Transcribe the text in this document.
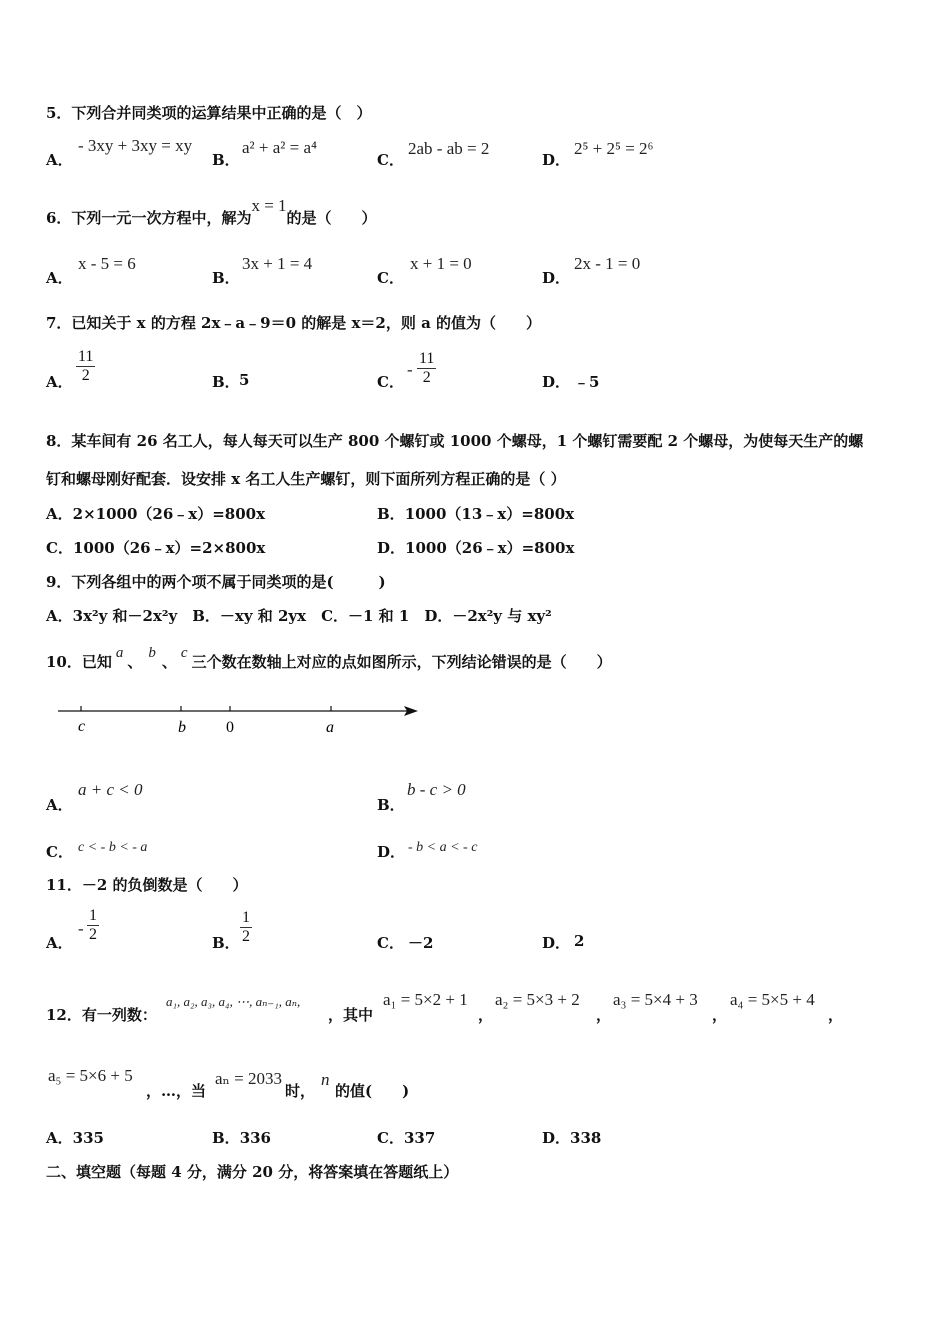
5．下列合并同类项的运算结果中正确的是（　）
A．
- 3xy + 3xy = xy
B．
a² + a² = a⁴
C．
2ab - ab = 2
D．
2⁵ + 2⁵ = 2⁶
6．下列一元一次方程中，解为x = 1的是（　　）
A．
x - 5 = 6
B．
3x + 1 = 4
C．
x + 1 = 0
D．
2x - 1 = 0
7．已知关于 x 的方程 2x﹣a﹣9＝0 的解是 x＝2，则 a 的值为（　　）
A． $\frac{11}{2}$	B． 5	C．
- $\frac{11}{2}$	D． ﹣5
8．某车间有 26 名工人，每人每天可以生产 800 个螺钉或 1000 个螺母，1 个螺钉需要配 2 个螺母，为使每天生产的螺
钉和螺母刚好配套．设安排 x 名工人生产螺钉，则下面所列方程正确的是（ ）
A．2×1000（26﹣x）=800x	B．1000（13﹣x）=800x
C．1000（26﹣x）=2×800x	D．1000（26﹣x）=800x
9．下列各组中的两个项不属于同类项的是(　　　)
A．3x²y 和－2x²y　B．－xy 和 2yx　C．－1 和 1　D．－2x²y 与 xy²
10．已知 a 、 b 、 c 三个数在数轴上对应的点如图所示，下列结论错误的是（　　）
c	b	0	a
A．
a + c < 0
B．
b - c > 0
C． c < - b < - a	D． - b < a < - c
11．－2 的负倒数是（　　）
A．
- $\frac{1}{2}$	B． $\frac{1}{2}$	C． －2	D． 2
12．有一列数：
a₁, a₂, a₃, a₄, ⋯, aₙ₋₁, aₙ,
，其中
a₁ = 5×2 + 1
，
a₂ = 5×3 + 2
，
a₃ = 5×4 + 3
，
a₄ = 5×5 + 4
，
a₅ = 5×6 + 5
，…，当
aₙ = 2033
时，
n
的值(　　)
A．335	B．336	C．337	D．338
二、填空题（每题 4 分，满分 20 分，将答案填在答题纸上）
